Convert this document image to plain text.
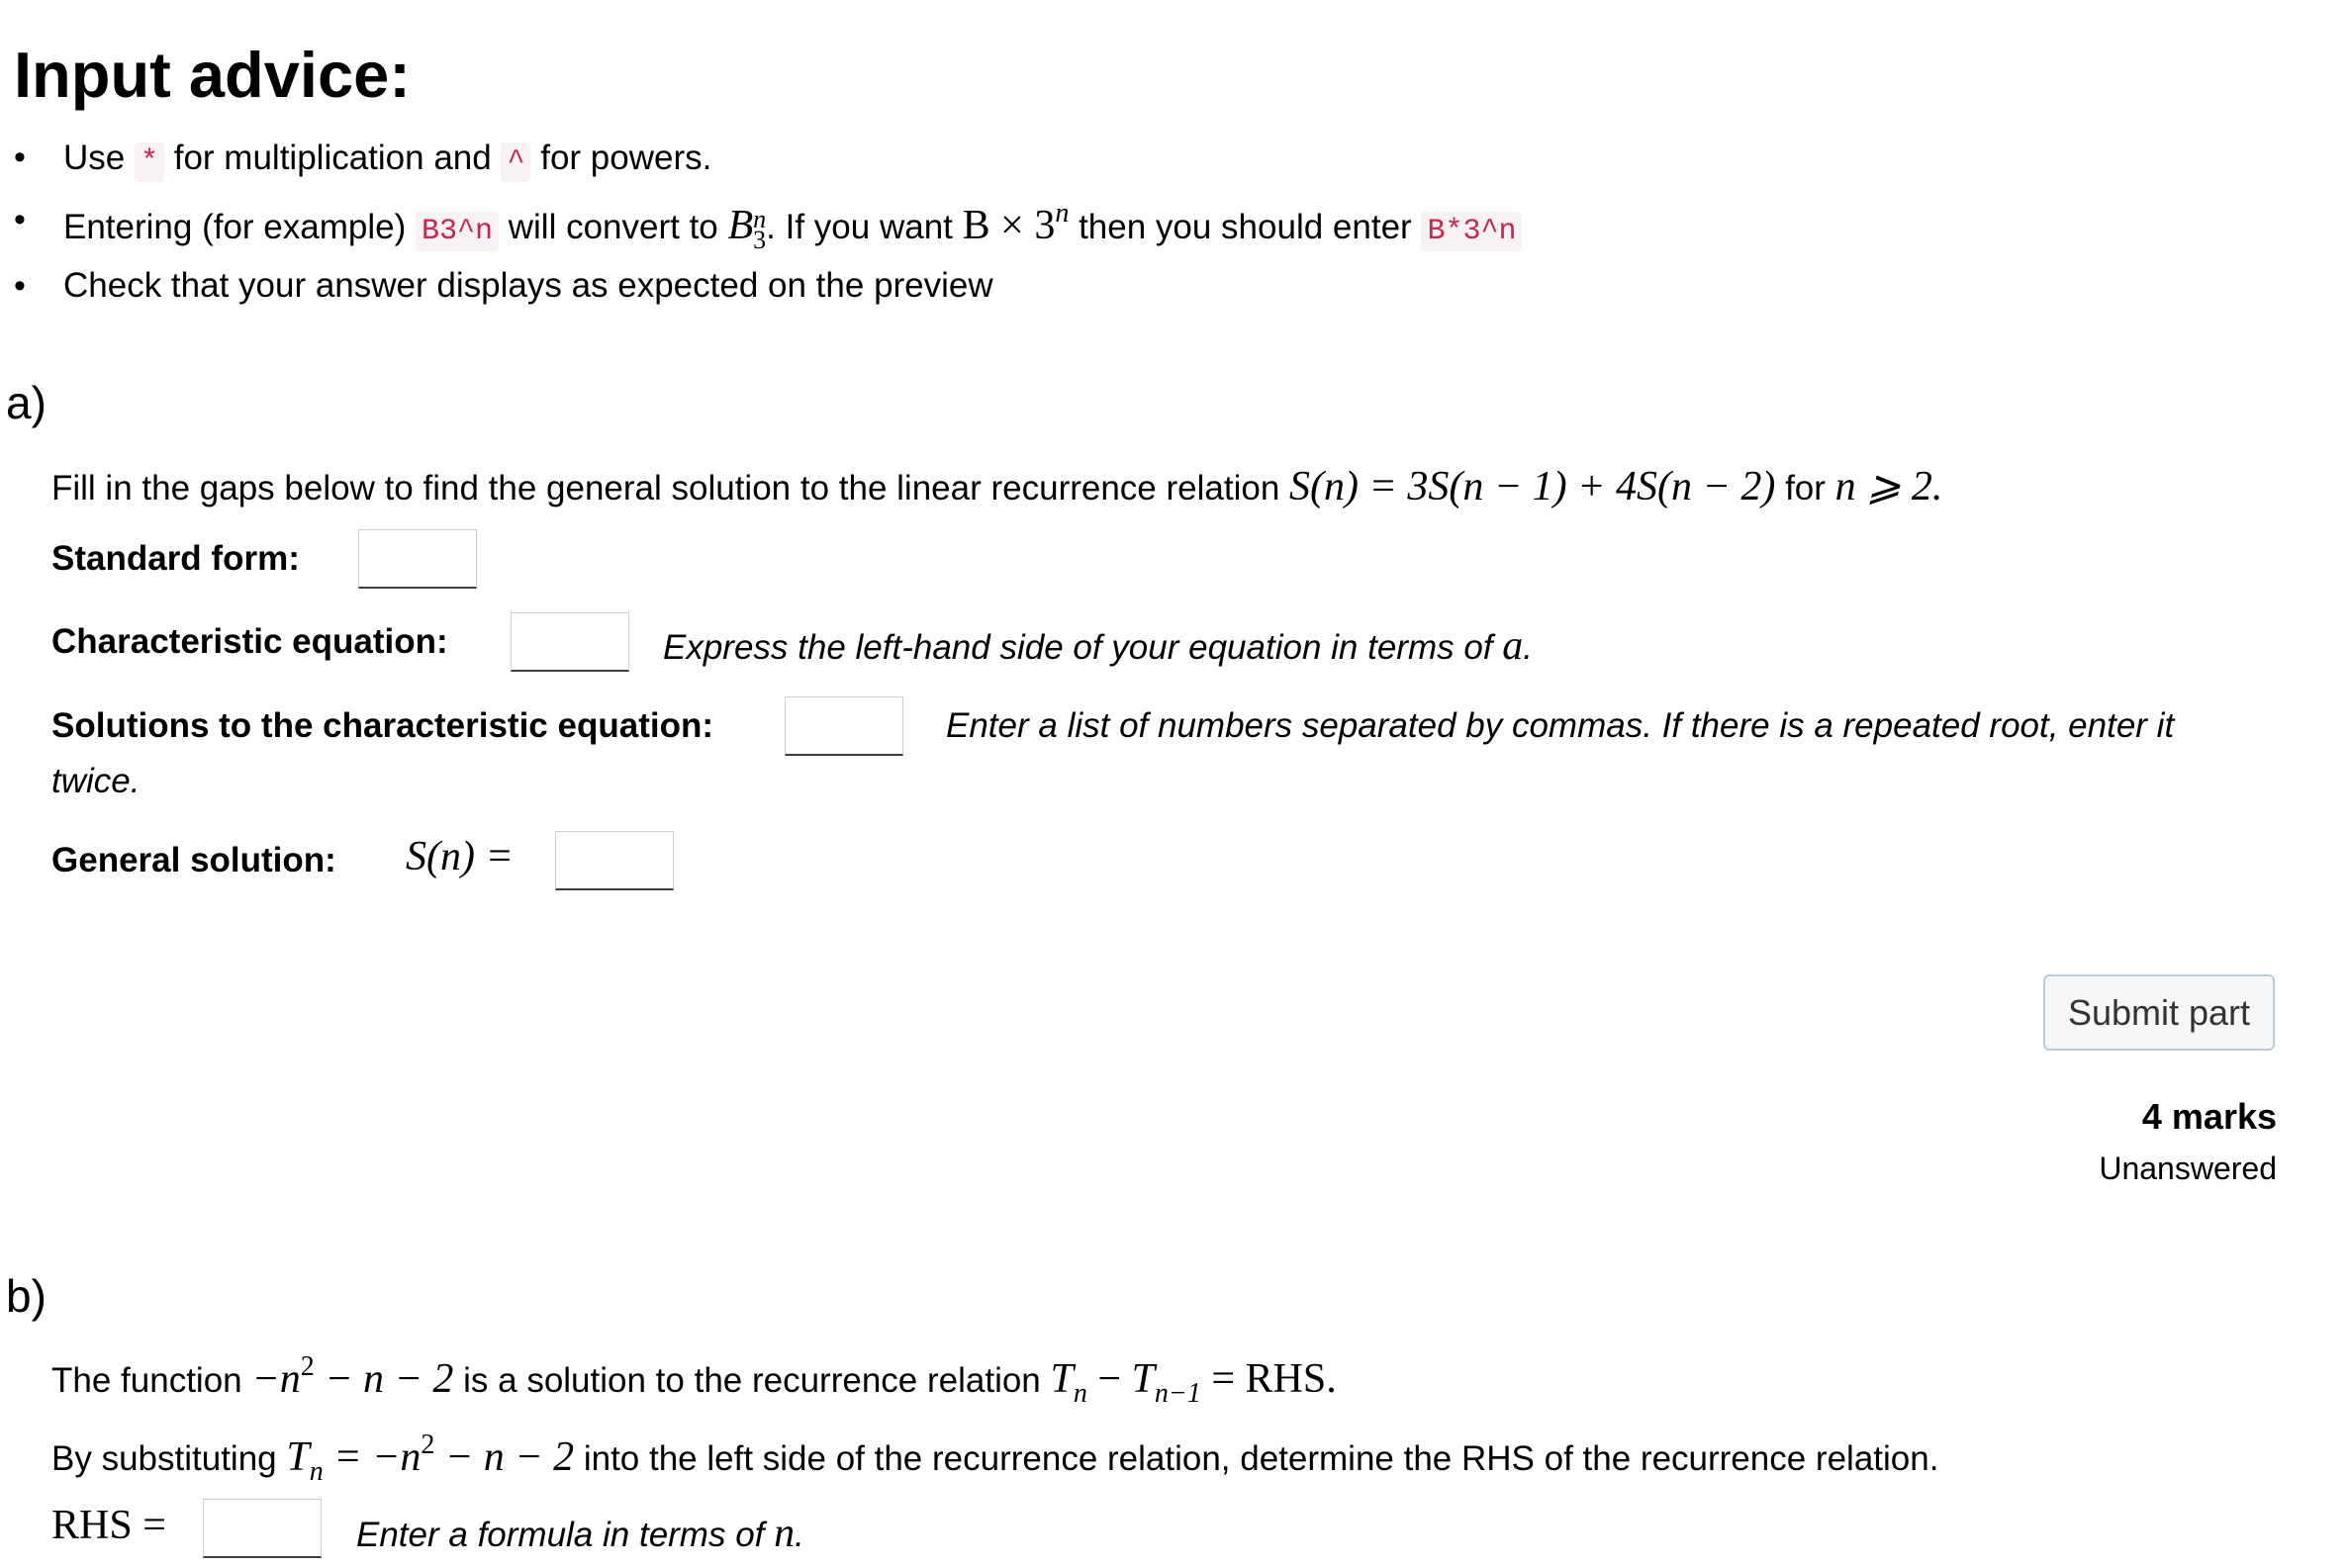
Input advice:
• Use * for multiplication and ^ for powers.
• Entering (for example) B3^n will convert to B n
3 . If you want $B \times 3^n$ then you should enter B*3^n
• Check that your answer displays as expected on the preview
a)
Fill in the gaps below to find the general solution to the linear recurrence relation S(n) = 3S(n − 1) + 4S(n − 2) for n ⩾ 2.
Standard form:
Characteristic equation:	Express the left-hand side of your equation in terms of a.
Solutions to the characteristic equation:	Enter a list of numbers separated by commas. If there is a repeated root, enter it
twice.
General solution: S(n) =
Submit part
4 marks
Unanswered
b)
The function $-n^2 - n - 2$ is a solution to the recurrence relation $T_n - T_{n-1}$ = RHS.
By substituting $T_n = -n^2 - n - 2$ into the left side of the recurrence relation, determine the RHS of the recurrence relation.
RHS =	Enter a formula in terms of n.
